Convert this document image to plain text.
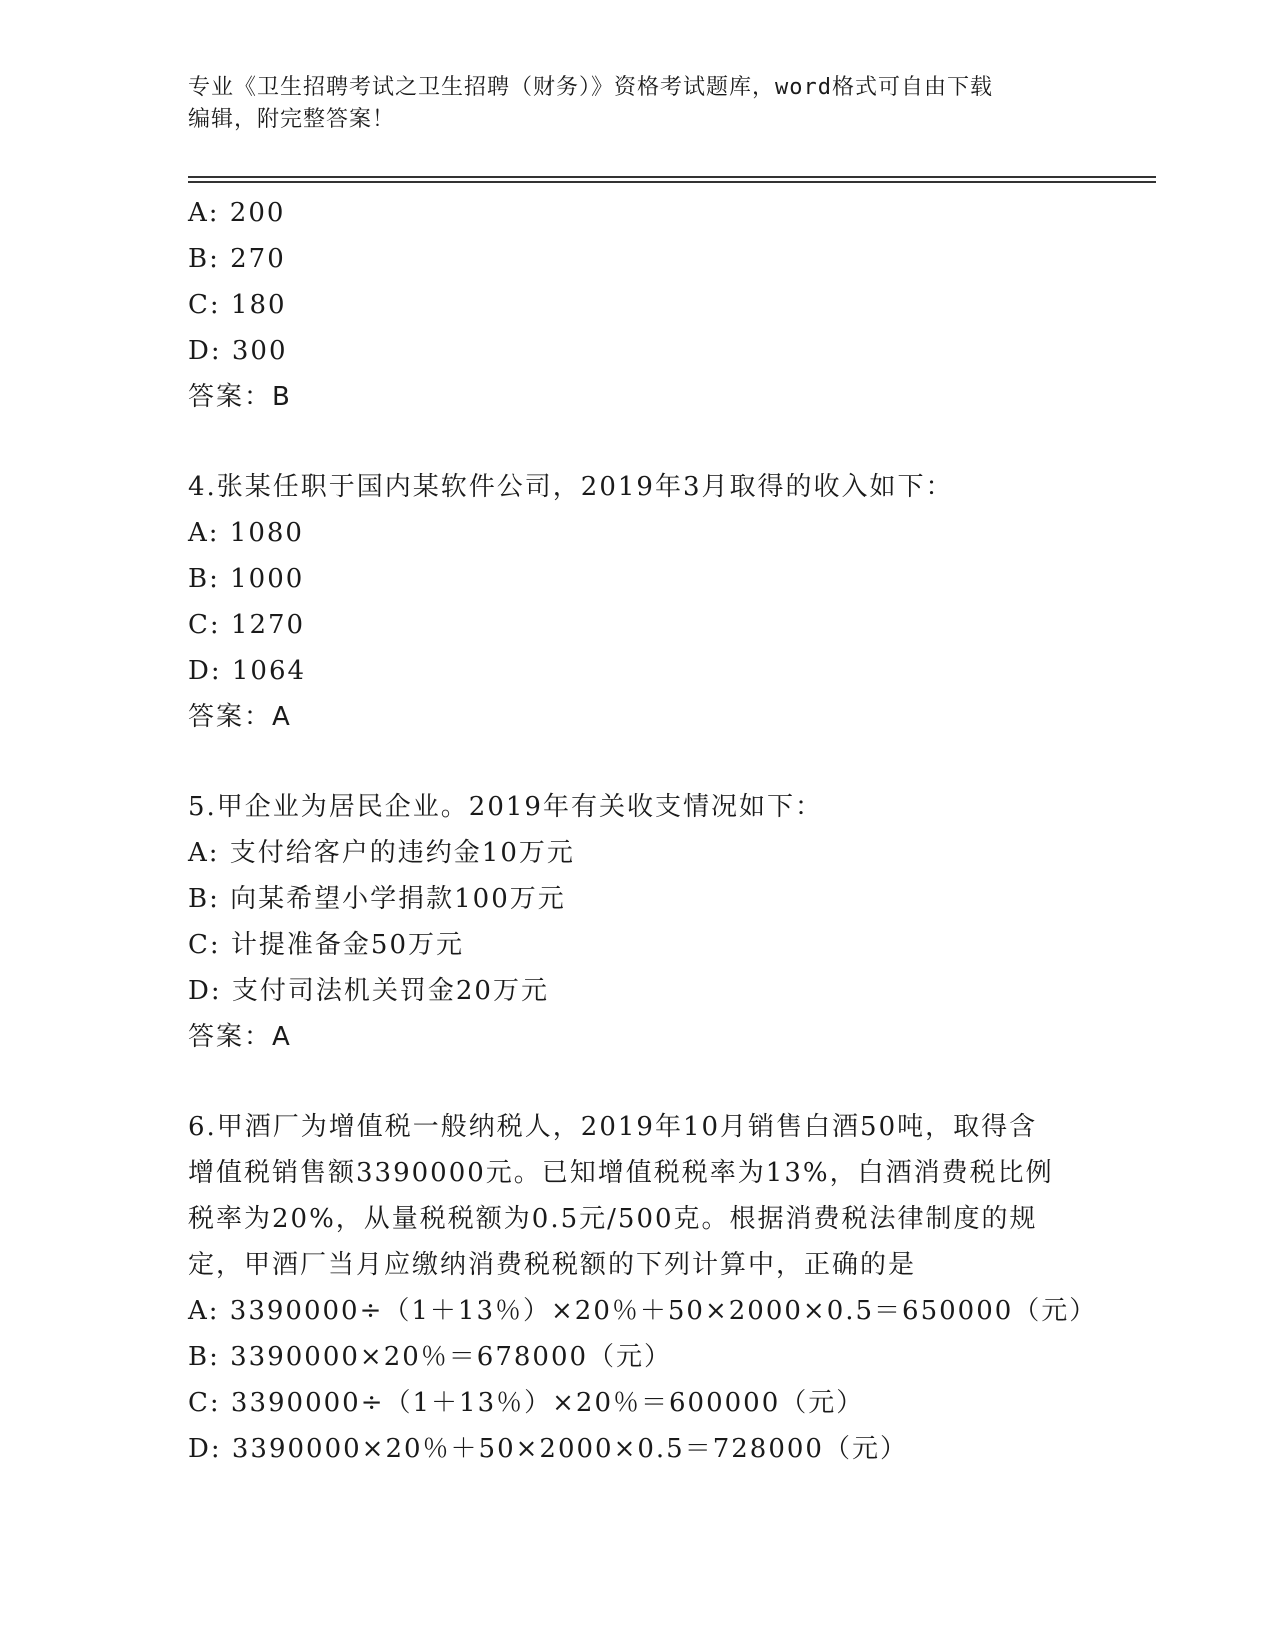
专业《卫生招聘考试之卫生招聘（财务）》资格考试题库，word格式可自由下载
编辑，附完整答案！
A: 200
B: 270
C: 180
D: 300
答案：B
4.张某任职于国内某软件公司，2019年3月取得的收入如下：
A: 1080
B: 1000
C: 1270
D: 1064
答案：A
5.甲企业为居民企业。2019年有关收支情况如下：
A: 支付给客户的违约金10万元
B: 向某希望小学捐款100万元
C: 计提准备金50万元
D: 支付司法机关罚金20万元
答案：A
6.甲酒厂为增值税一般纳税人，2019年10月销售白酒50吨，取得含
增值税销售额3390000元。已知增值税税率为13%，白酒消费税比例
税率为20%，从量税税额为0.5元/500克。根据消费税法律制度的规
定，甲酒厂当月应缴纳消费税税额的下列计算中，正确的是
A: 3390000÷（1＋13％）×20％＋50×2000×0.5＝650000（元）
B: 3390000×20％＝678000（元）
C: 3390000÷（1＋13％）×20％＝600000（元）
D: 3390000×20％＋50×2000×0.5＝728000（元）
